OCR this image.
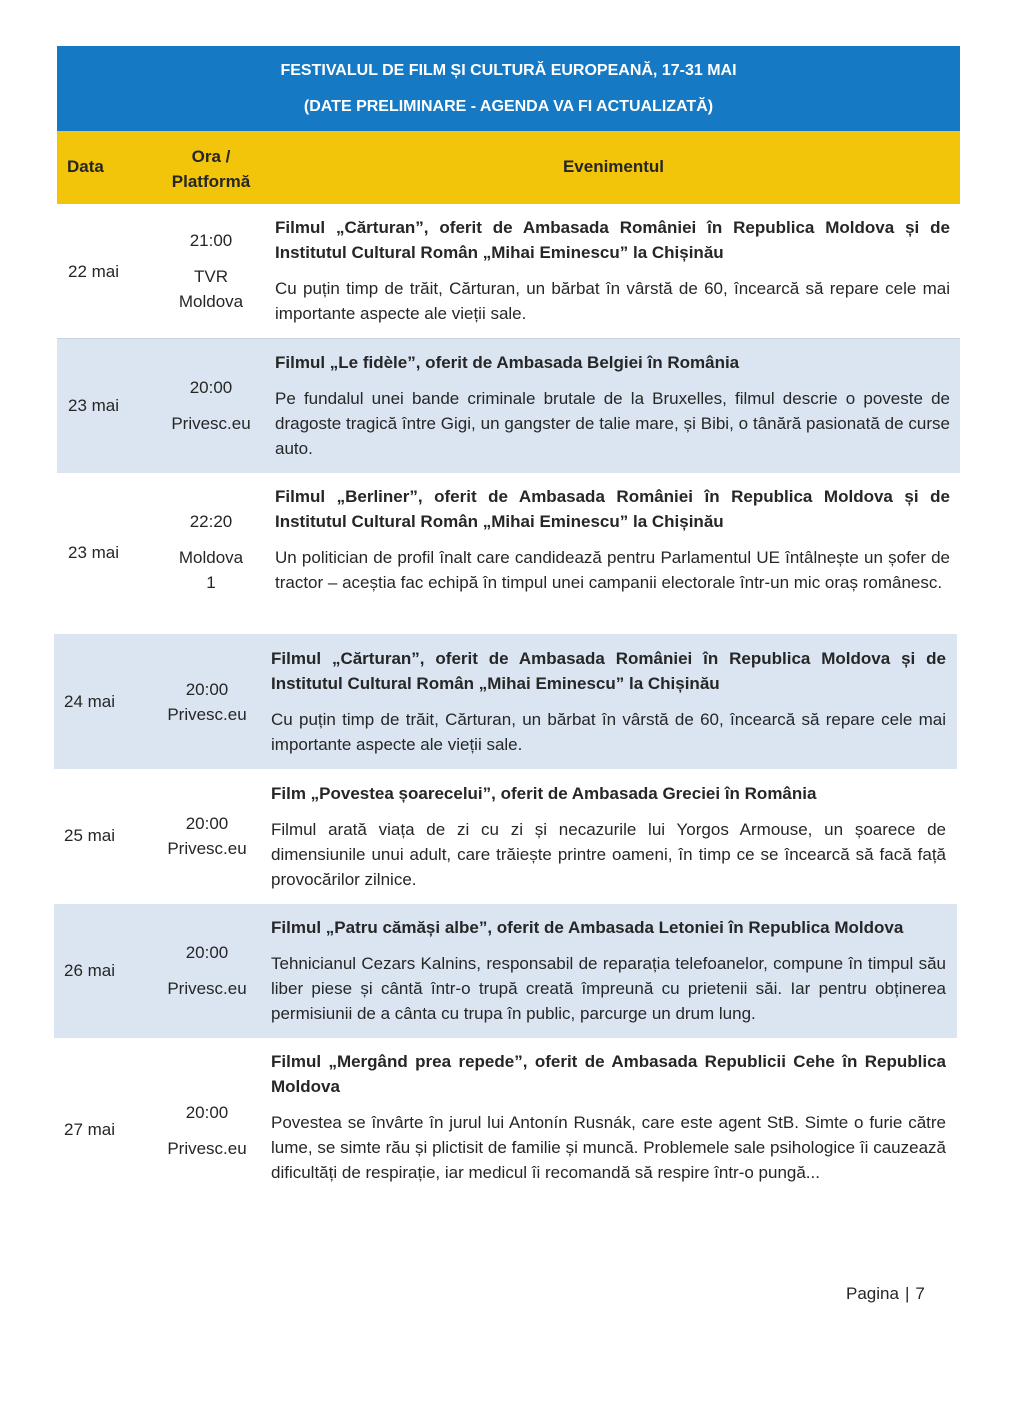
FESTIVALUL DE FILM ȘI CULTURĂ EUROPEANĂ, 17-31 MAI
(DATE PRELIMINARE - AGENDA VA FI ACTUALIZATĂ)
Data
Ora /
Platformă
Evenimentul
22 mai
21:00
TVR
Moldova

Filmul „Cărturan”, oferit de Ambasada României în Republica Moldova și de Institutul Cultural Român „Mihai Eminescu” la Chișinău

Cu puțin timp de trăit, Cărturan, un bărbat în vârstă de 60, încearcă să repare cele mai importante aspecte ale vieții sale.

23 mai
20:00
Privesc.eu

Filmul „Le fidèle”, oferit de Ambasada Belgiei în România

Pe fundalul unei bande criminale brutale de la Bruxelles, filmul descrie o poveste de dragoste tragică între Gigi, un gangster de talie mare, și Bibi, o tânără pasionată de curse auto.

23 mai
22:20
Moldova
1

Filmul „Berliner”, oferit de Ambasada României în Republica Moldova și de Institutul Cultural Român „Mihai Eminescu” la Chișinău

Un politician de profil înalt care candidează pentru Parlamentul UE întâlnește un șofer de tractor – aceștia fac echipă în timpul unei campanii electorale într-un mic oraș românesc.

24 mai
20:00
Privesc.eu

Filmul „Cărturan”, oferit de Ambasada României în Republica Moldova și de Institutul Cultural Român „Mihai Eminescu” la Chișinău

Cu puțin timp de trăit, Cărturan, un bărbat în vârstă de 60, încearcă să repare cele mai importante aspecte ale vieții sale.

25 mai
20:00
Privesc.eu

Film „Povestea șoarecelui”, oferit de Ambasada Greciei în România

Filmul arată viața de zi cu zi și necazurile lui Yorgos Armouse, un șoarece de dimensiunile unui adult, care trăiește printre oameni, în timp ce se încearcă să facă față provocărilor zilnice.

26 mai
20:00
Privesc.eu

Filmul „Patru cămăși albe”, oferit de Ambasada Letoniei în Republica Moldova

Tehnicianul Cezars Kalnins, responsabil de reparația telefoanelor, compune în timpul său liber piese și cântă într-o trupă creată împreună cu prietenii săi. Iar pentru obținerea permisiunii de a cânta cu trupa în public, parcurge un drum lung.

27 mai
20:00
Privesc.eu

Filmul „Mergând prea repede”, oferit de Ambasada Republicii Cehe în Republica Moldova

Povestea se învârte în jurul lui Antonín Rusnák, care este agent StB. Simte o furie către lume, se simte rău și plictisit de familie și muncă. Problemele sale psihologice îi cauzează dificultăți de respirație, iar medicul îi recomandă să respire într-o pungă...

Pagina | 7
